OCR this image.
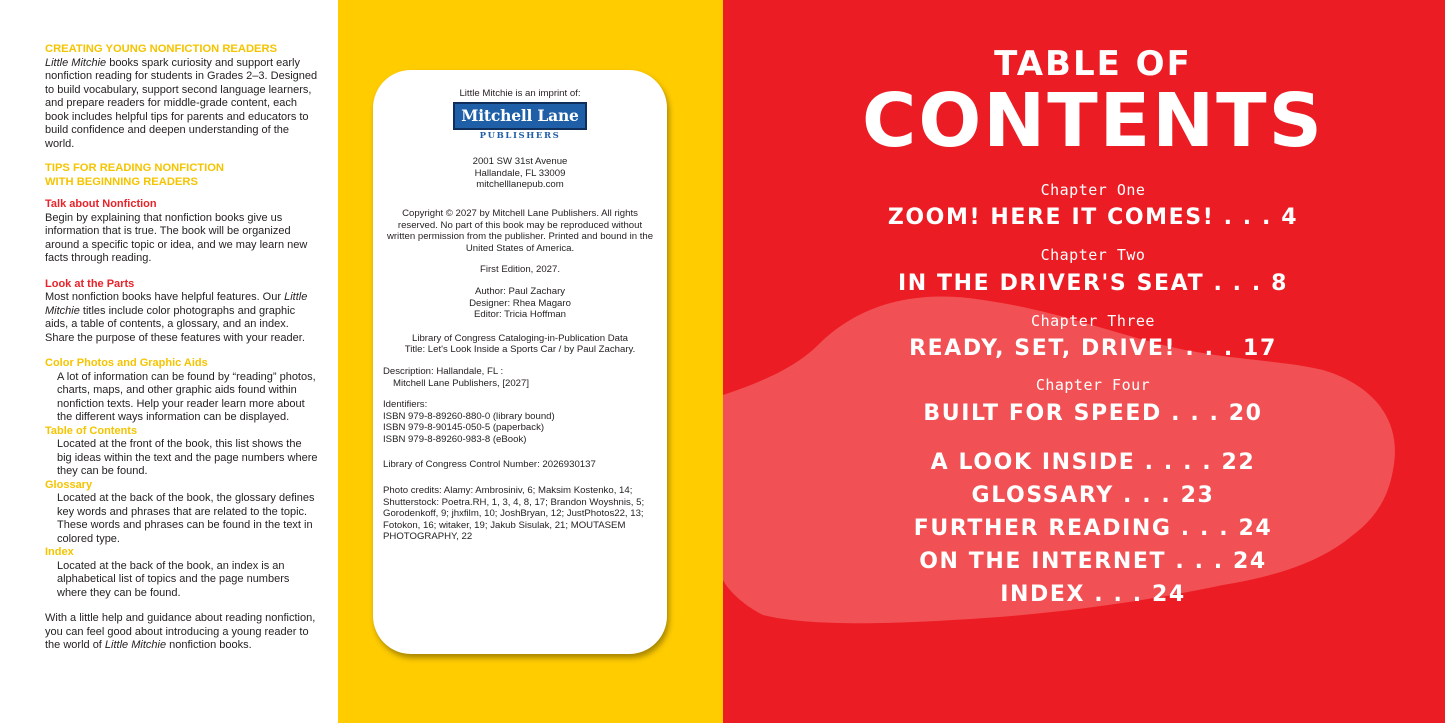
CREATING YOUNG NONFICTION READERS
Little Mitchie books spark curiosity and support early nonfiction reading for students in Grades 2–3. Designed to build vocabulary, support second language learners, and prepare readers for middle-grade content, each book includes helpful tips for parents and educators to build confidence and deepen understanding of the world.
TIPS FOR READING NONFICTION WITH BEGINNING READERS
Talk about Nonfiction
Begin by explaining that nonfiction books give us information that is true. The book will be organized around a specific topic or idea, and we may learn new facts through reading.
Look at the Parts
Most nonfiction books have helpful features. Our Little Mitchie titles include color photographs and graphic aids, a table of contents, a glossary, and an index. Share the purpose of these features with your reader.
Color Photos and Graphic Aids
A lot of information can be found by “reading” photos, charts, maps, and other graphic aids found within nonfiction texts. Help your reader learn more about the different ways information can be displayed.
Table of Contents
Located at the front of the book, this list shows the big ideas within the text and the page numbers where they can be found.
Glossary
Located at the back of the book, the glossary defines key words and phrases that are related to the topic. These words and phrases can be found in the text in colored type.
Index
Located at the back of the book, an index is an alphabetical list of topics and the page numbers where they can be found.
With a little help and guidance about reading nonfiction, you can feel good about introducing a young reader to the world of Little Mitchie nonfiction books.
Little Mitchie is an imprint of:
Mitchell Lane
PUBLISHERS
2001 SW 31st Avenue
Hallandale, FL 33009
mitchelllanepub.com
Copyright © 2027 by Mitchell Lane Publishers. All rights reserved. No part of this book may be reproduced without written permission from the publisher. Printed and bound in the United States of America.
First Edition, 2027.
Author: Paul Zachary
Designer: Rhea Magaro
Editor: Tricia Hoffman
Library of Congress Cataloging-in-Publication Data
Title: Let's Look Inside a Sports Car / by Paul Zachary.
Description: Hallandale, FL :
Mitchell Lane Publishers, [2027]
Identifiers:
ISBN 979-8-89260-880-0 (library bound)
ISBN 979-8-90145-050-5 (paperback)
ISBN 979-8-89260-983-8 (eBook)
Library of Congress Control Number: 2026930137
Photo credits: Alamy: Ambrosiniv, 6; Maksim Kostenko, 14; Shutterstock: Poetra.RH, 1, 3, 4, 8, 17; Brandon Woyshnis, 5; Gorodenkoff, 9; jhxfilm, 10; JoshBryan, 12; JustPhotos22, 13; Fotokon, 16; witaker, 19; Jakub Sisulak, 21; MOUTASEM PHOTOGRAPHY, 22
TABLE OF
CONTENTS
Chapter One
ZOOM! HERE IT COMES! . . . 4
Chapter Two
IN THE DRIVER'S SEAT . . . 8
Chapter Three
READY, SET, DRIVE! . . . 17
Chapter Four
BUILT FOR SPEED . . . 20
A LOOK INSIDE . . . . 22
GLOSSARY . . . 23
FURTHER READING . . . 24
ON THE INTERNET . . . 24
INDEX . . . 24
